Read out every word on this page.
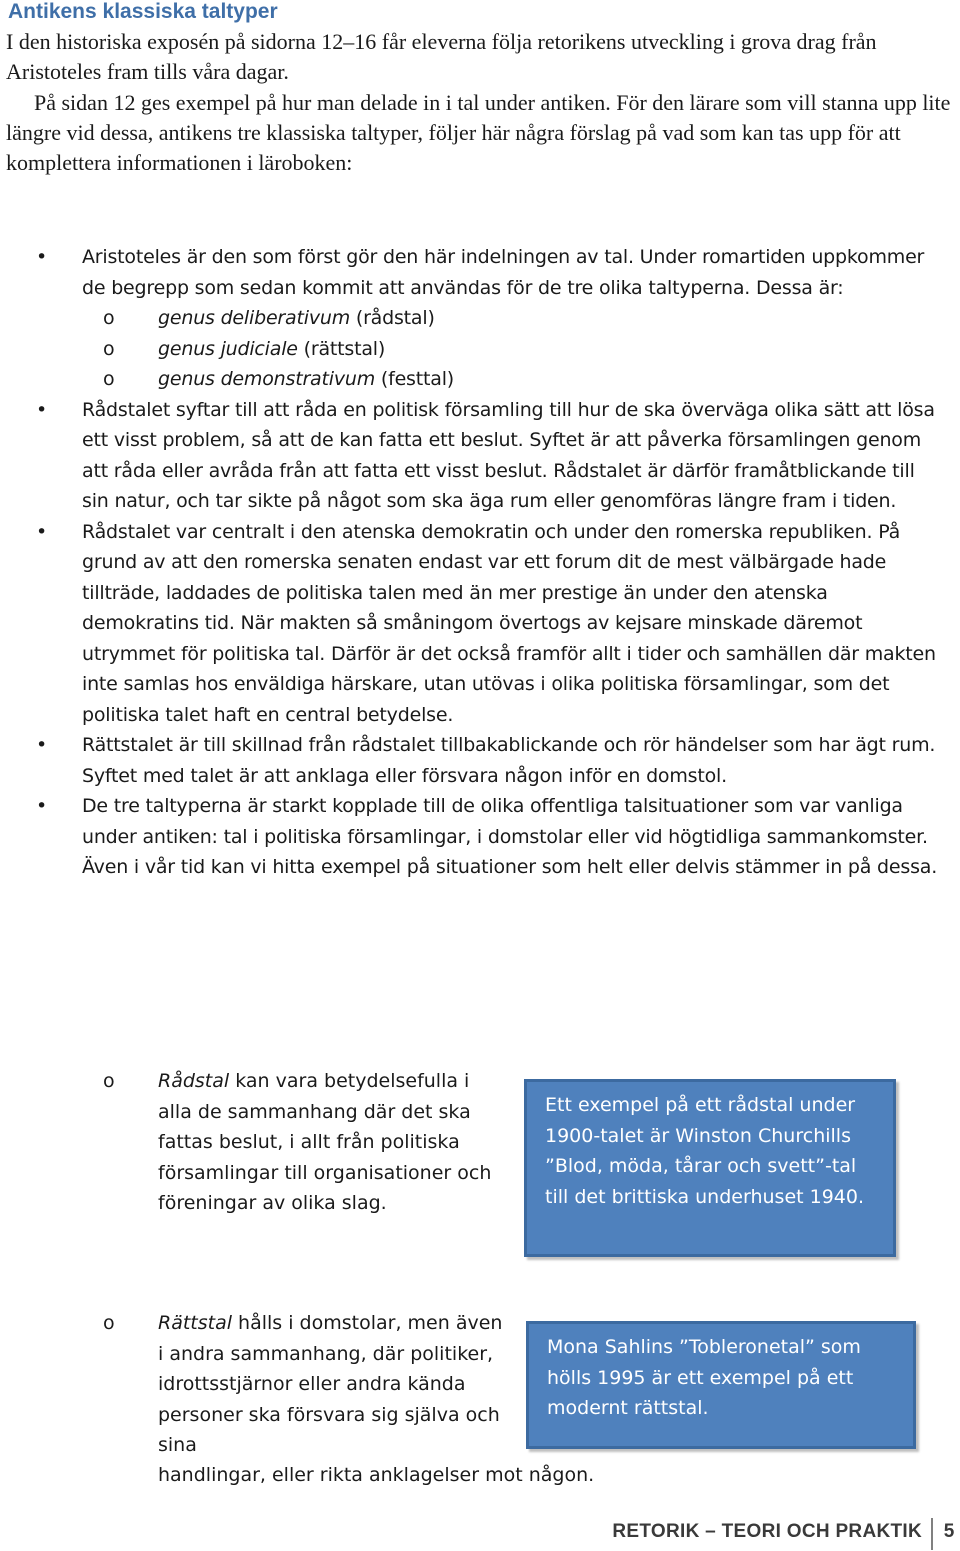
Antikens klassiska taltyper

I den historiska exposén på sidorna 12–16 får eleverna följa retorikens utveckling i grova drag från Aristoteles fram tills våra dagar.

På sidan 12 ges exempel på hur man delade in i tal under antiken. För den lärare som vill stanna upp lite längre vid dessa, antikens tre klassiska taltyper, följer här några förslag på vad som kan tas upp för att komplettera informationen i läroboken:

• Aristoteles är den som först gör den här indelningen av tal. Under romartiden uppkommer de begrepp som sedan kommit att användas för de tre olika taltyperna. Dessa är:
o genus deliberativum (rådstal)
o genus judiciale (rättstal)
o genus demonstrativum (festtal)
• Rådstalet syftar till att råda en politisk församling till hur de ska överväga olika sätt att lösa ett visst problem, så att de kan fatta ett beslut. Syftet är att påverka församlingen genom att råda eller avråda från att fatta ett visst beslut. Rådstalet är därför framåtblickande till sin natur, och tar sikte på något som ska äga rum eller genomföras längre fram i tiden.
• Rådstalet var centralt i den atenska demokratin och under den romerska republiken. På grund av att den romerska senaten endast var ett forum dit de mest välbärgade hade tillträde, laddades de politiska talen med än mer prestige än under den atenska demokratins tid. När makten så småningom övertogs av kejsare minskade däremot utrymmet för politiska tal. Därför är det också framför allt i tider och samhällen där makten inte samlas hos enväldiga härskare, utan utövas i olika politiska församlingar, som det politiska talet haft en central betydelse.
• Rättstalet är till skillnad från rådstalet tillbakablickande och rör händelser som har ägt rum. Syftet med talet är att anklaga eller försvara någon inför en domstol.
• De tre taltyperna är starkt kopplade till de olika offentliga talsituationer som var vanliga under antiken: tal i politiska församlingar, i domstolar eller vid högtidliga sammankomster. Även i vår tid kan vi hitta exempel på situationer som helt eller delvis stämmer in på dessa.
o Rådstal kan vara betydelsefulla i alla de sammanhang där det ska fattas beslut, i allt från politiska församlingar till organisationer och föreningar av olika slag.
Ett exempel på ett rådstal under 1900-talet är Winston Churchills ”Blod, möda, tårar och svett”-tal till det brittiska underhuset 1940.
o Rättstal hålls i domstolar, men även i andra sammanhang, där politiker, idrottsstjärnor eller andra kända personer ska försvara sig själva och sina
handlingar, eller rikta anklagelser mot någon.
Mona Sahlins ”Tobleronetal” som hölls 1995 är ett exempel på ett modernt rättstal.
RETORIK – TEORI OCH PRAKTIK	5
